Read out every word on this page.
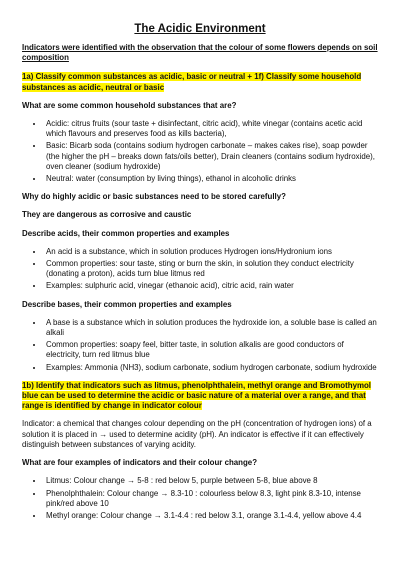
The Acidic Environment
Indicators were identified with the observation that the colour of some flowers depends on soil composition
1a) Classify common substances as acidic, basic or neutral + 1f) Classify some household substances as acidic, neutral or basic
What are some common household substances that are?
• Acidic: citrus fruits (sour taste + disinfectant, citric acid), white vinegar (contains acetic acid which flavours and preserves food as kills bacteria),
• Basic: Bicarb soda (contains sodium hydrogen carbonate – makes cakes rise), soap powder (the higher the pH – breaks down fats/oils better), Drain cleaners (contains sodium hydroxide), oven cleaner (sodium hydroxide)
• Neutral: water (consumption by living things), ethanol in alcoholic drinks
Why do highly acidic or basic substances need to be stored carefully?
They are dangerous as corrosive and caustic
Describe acids, their common properties and examples
• An acid is a substance, which in solution produces Hydrogen ions/Hydronium ions
• Common properties: sour taste, sting or burn the skin, in solution they conduct electricity (donating a proton), acids turn blue litmus red
• Examples: sulphuric acid, vinegar (ethanoic acid), citric acid, rain water
Describe bases, their common properties and examples
• A base is a substance which in solution produces the hydroxide ion, a soluble base is called an alkali
• Common properties: soapy feel, bitter taste, in solution alkalis are good conductors of electricity, turn red litmus blue
• Examples: Ammonia (NH3), sodium carbonate, sodium hydrogen carbonate, sodium hydroxide
1b) Identify that indicators such as litmus, phenolphthalein, methyl orange and Bromothymol blue can be used to determine the acidic or basic nature of a material over a range, and that range is identified by change in indicator colour

Indicator: a chemical that changes colour depending on the pH (concentration of hydrogen ions) of a solution it is placed in → used to determine acidity (pH). An indicator is effective if it can effectively distinguish between substances of varying acidity.

What are four examples of indicators and their colour change?
• Litmus: Colour change → 5-8 : red below 5, purple between 5-8, blue above 8
• Phenolphthalein: Colour change → 8.3-10 : colourless below 8.3, light pink 8.3-10, intense pink/red above 10
• Methyl orange: Colour change → 3.1-4.4 : red below 3.1, orange 3.1-4.4, yellow above 4.4
